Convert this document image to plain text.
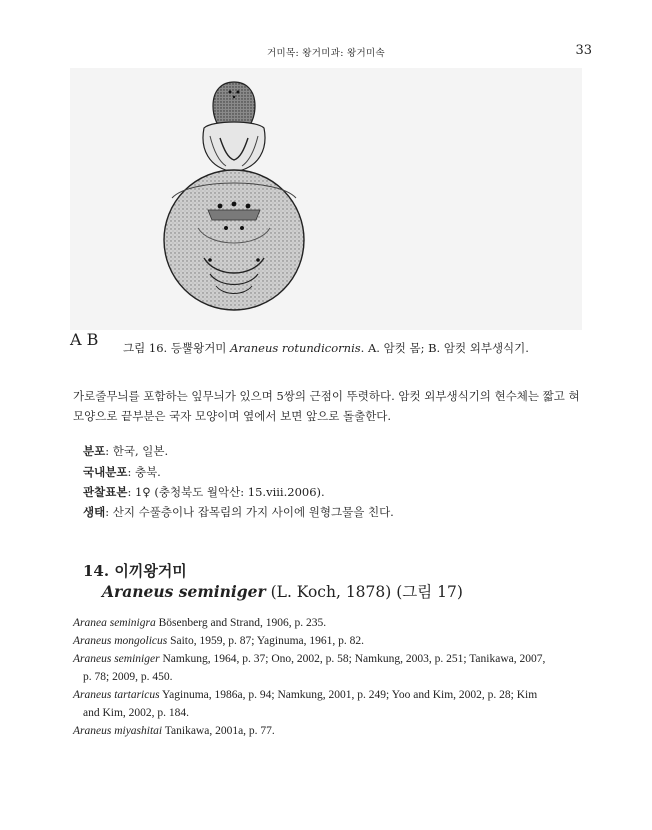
거미목: 왕거미과: 왕거미속	33
A B	그림 16. 등뿔왕거미 Araneus rotundicornis. A. 암컷 몸; B. 암컷 외부생식기.
가로줄무늬를 포함하는 잎무늬가 있으며 5쌍의 근점이 뚜렷하다. 암컷 외부생식기의 현수체는 짧고 혀
모양으로 끝부분은 국자 모양이며 옆에서 보면 앞으로 돌출한다.
분포: 한국, 일본.
국내분포: 충북.
관찰표본: 1♀ (충청북도 월악산: 15.viii.2006).
생태: 산지 수풀층이나 잡목림의 가지 사이에 원형그물을 친다.
14. 이끼왕거미
Araneus seminiger (L. Koch, 1878) (그림 17)
Aranea seminigra Bösenberg and Strand, 1906, p. 235.
Araneus mongolicus Saito, 1959, p. 87; Yaginuma, 1961, p. 82.
Araneus seminiger Namkung, 1964, p. 37; Ono, 2002, p. 58; Namkung, 2003, p. 251; Tanikawa, 2007,
p. 78; 2009, p. 450.
Araneus tartaricus Yaginuma, 1986a, p. 94; Namkung, 2001, p. 249; Yoo and Kim, 2002, p. 28; Kim
and Kim, 2002, p. 184.
Araneus miyashitai Tanikawa, 2001a, p. 77.
